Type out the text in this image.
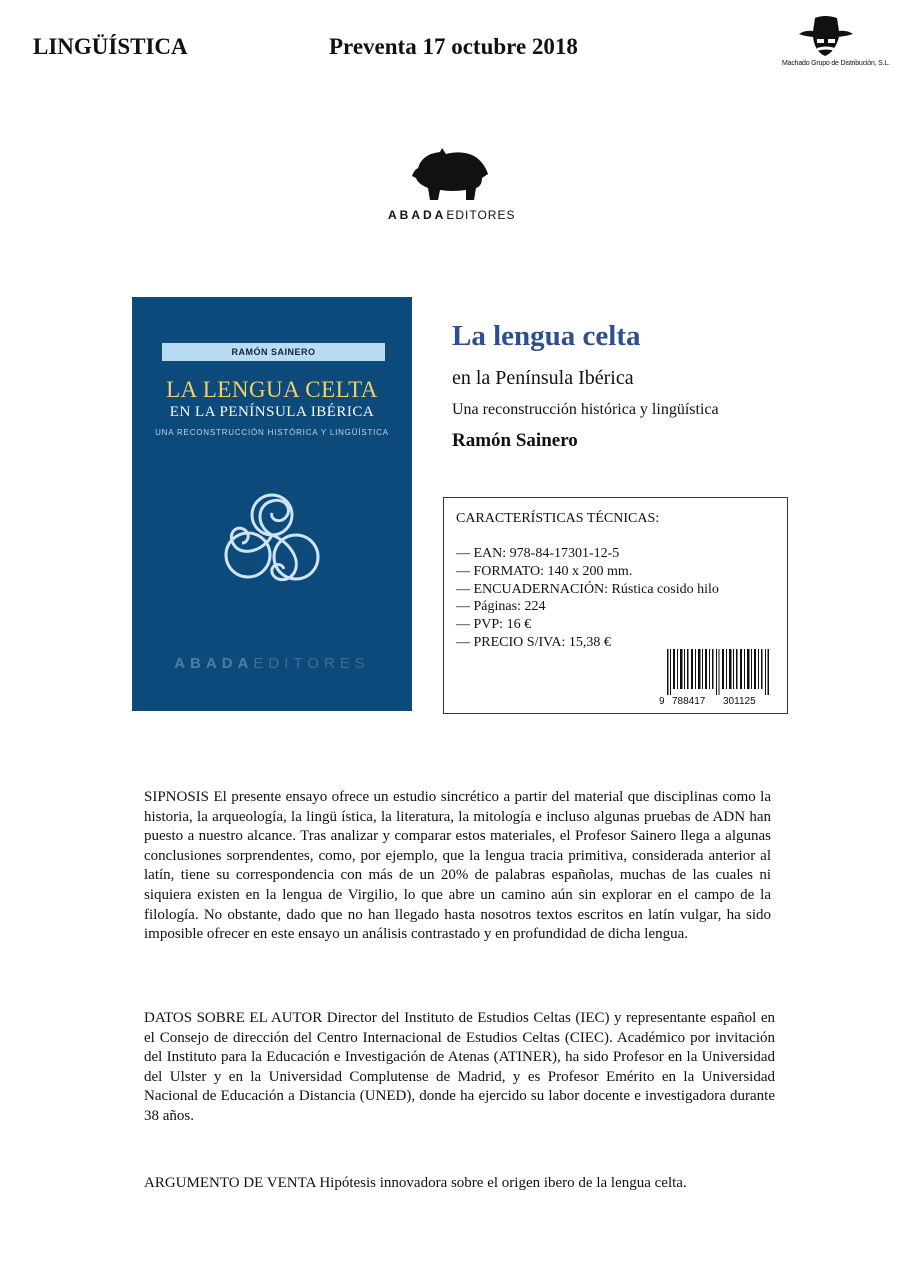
LINGÜÍSTICA	Preventa 17 octubre 2018
Machado Grupo de Distribución, S.L.
ABADAEDITORES
RAMÓN SAINERO
LA LENGUA CELTA
EN LA PENÍNSULA IBÉRICA
UNA RECONSTRUCCIÓN HISTÓRICA Y LINGÜÍSTICA
ABADAEDITORES
La lengua celta
en la Península Ibérica
Una reconstrucción histórica y lingüística
Ramón Sainero
CARACTERÍSTICAS TÉCNICAS:
— EAN: 978-84-17301-12-5
— FORMATO: 140 x 200 mm.
— ENCUADERNACIÓN: Rústica cosido hilo
— Páginas: 224
— PVP: 16 €
— PRECIO S/IVA: 15,38 €
9 788417 301125

SIPNOSIS El presente ensayo ofrece un estudio sincrético a partir del material que disciplinas como la historia, la arqueología, la lingü ística, la literatura, la mitología e incluso algunas pruebas de ADN han puesto a nuestro alcance. Tras analizar y comparar estos materiales, el Profesor Sainero llega a algunas conclusiones sorprendentes, como, por ejemplo, que la lengua tracia primitiva, considerada anterior al latín, tiene su correspondencia con más de un 20% de palabras españolas, muchas de las cuales ni siquiera existen en la lengua de Virgilio, lo que abre un camino aún sin explorar en el campo de la filología. No obstante, dado que no han llegado hasta nosotros textos escritos en latín vulgar, ha sido imposible ofrecer en este ensayo un análisis contrastado y en profundidad de dicha lengua.

DATOS SOBRE EL AUTOR Director del Instituto de Estudios Celtas (IEC) y representante español en el Consejo de dirección del Centro Internacional de Estudios Celtas (CIEC). Académico por invitación del Instituto para la Educación e Investigación de Atenas (ATINER), ha sido Profesor en la Universidad del Ulster y en la Universidad Complutense de Madrid, y es Profesor Emérito en la Universidad Nacional de Educación a Distancia (UNED), donde ha ejercido su labor docente e investigadora durante 38 años.

ARGUMENTO DE VENTA Hipótesis innovadora sobre el origen ibero de la lengua celta.
